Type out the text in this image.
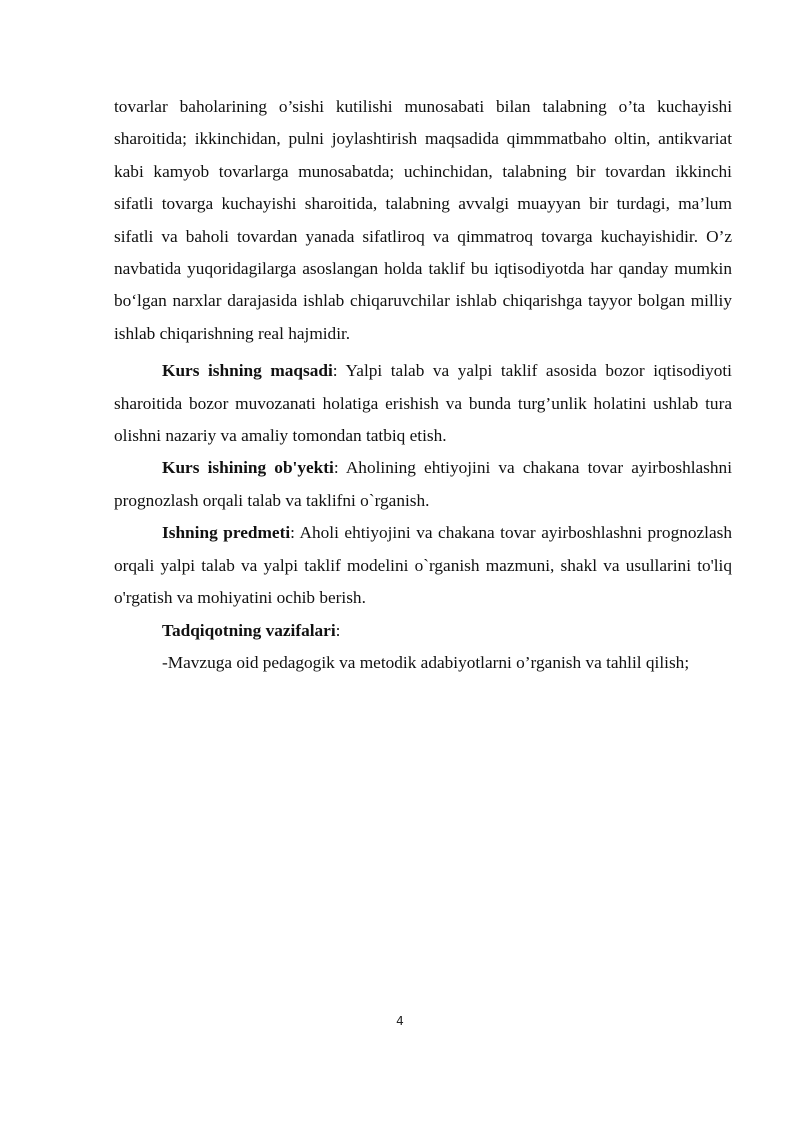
tovarlar baholarining o’sishi kutilishi munosabati bilan talabning o’ta kuchayishi sharoitida; ikkinchidan, pulni joylashtirish maqsadida qimmmatbaho oltin, antikvariat kabi kamyob tovarlarga munosabatda; uchinchidan, talabning bir tovardan ikkinchi sifatli tovarga kuchayishi sharoitida, talabning avvalgi muayyan bir turdagi, ma’lum sifatli va baholi tovardan yanada sifatliroq va qimmatroq tovarga kuchayishidir. O’z navbatida yuqoridagilarga asoslangan holda taklif bu iqtisodiyotda har qanday mumkin bo‘lgan narxlar darajasida ishlab chiqaruvchilar ishlab chiqarishga tayyor bolgan milliy ishlab chiqarishning real hajmidir.

Kurs ishning maqsadi: Yalpi talab va yalpi taklif asosida bozor iqtisodiyoti sharoitida bozor muvozanati holatiga erishish va bunda turg’unlik holatini ushlab tura olishni nazariy va amaliy tomondan tatbiq etish.

Kurs ishining ob'yekti: Aholining ehtiyojini va chakana tovar ayirboshlashni prognozlash orqali talab va taklifni o`rganish.

Ishning predmeti: Aholi ehtiyojini va chakana tovar ayirboshlashni prognozlash orqali yalpi talab va yalpi taklif modelini o`rganish mazmuni, shakl va usullarini to'liq o'rgatish va mohiyatini ochib berish.

Tadqiqotning vazifalari:

-Mavzuga oid pedagogik va metodik adabiyotlarni o’rganish va tahlil qilish;

4
